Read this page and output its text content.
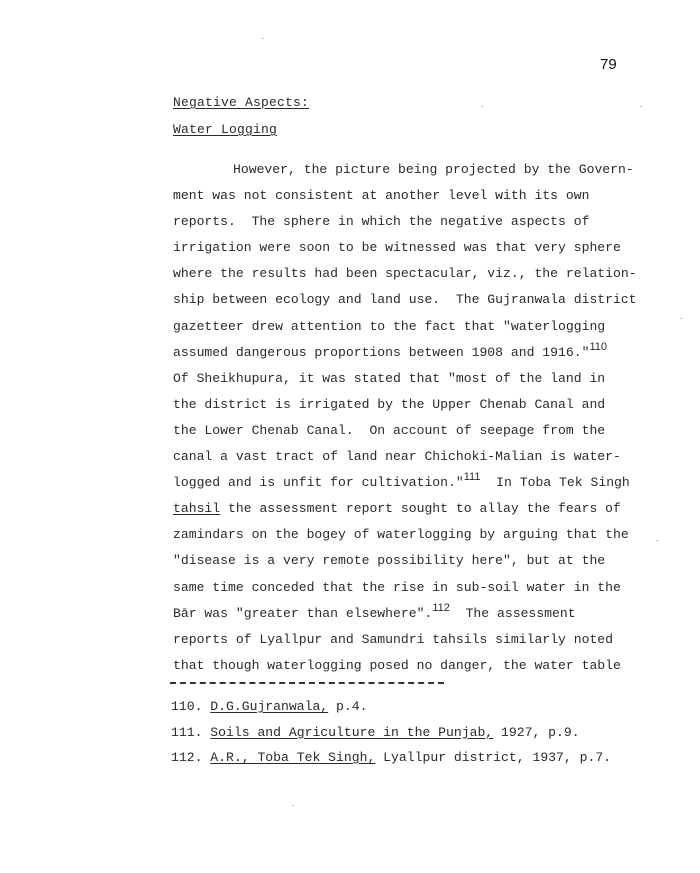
79
Negative Aspects:
Water Logging
However, the picture being projected by the Govern-
ment was not consistent at another level with its own
reports.  The sphere in which the negative aspects of
irrigation were soon to be witnessed was that very sphere
where the results had been spectacular, viz., the relation-
ship between ecology and land use.  The Gujranwala district
gazetteer drew attention to the fact that "waterlogging
assumed dangerous proportions between 1908 and 1916."$^{110}$
Of Sheikhupura, it was stated that "most of the land in
the district is irrigated by the Upper Chenab Canal and
the Lower Chenab Canal.  On account of seepage from the
canal a vast tract of land near Chichoki-Malian is water-
logged and is unfit for cultivation."$^{111}$  In Toba Tek Singh
tahsil the assessment report sought to allay the fears of
zamindars on the bogey of waterlogging by arguing that the
"disease is a very remote possibility here", but at the
same time conceded that the rise in sub-soil water in the
Bār was "greater than elsewhere".$^{112}$  The assessment
reports of Lyallpur and Samundri tahsils similarly noted
that though waterlogging posed no danger, the water table
110. D.G.Gujranwala, p.4.
111. Soils and Agriculture in the Punjab, 1927, p.9.
112. A.R., Toba Tek Singh, Lyallpur district, 1937, p.7.
